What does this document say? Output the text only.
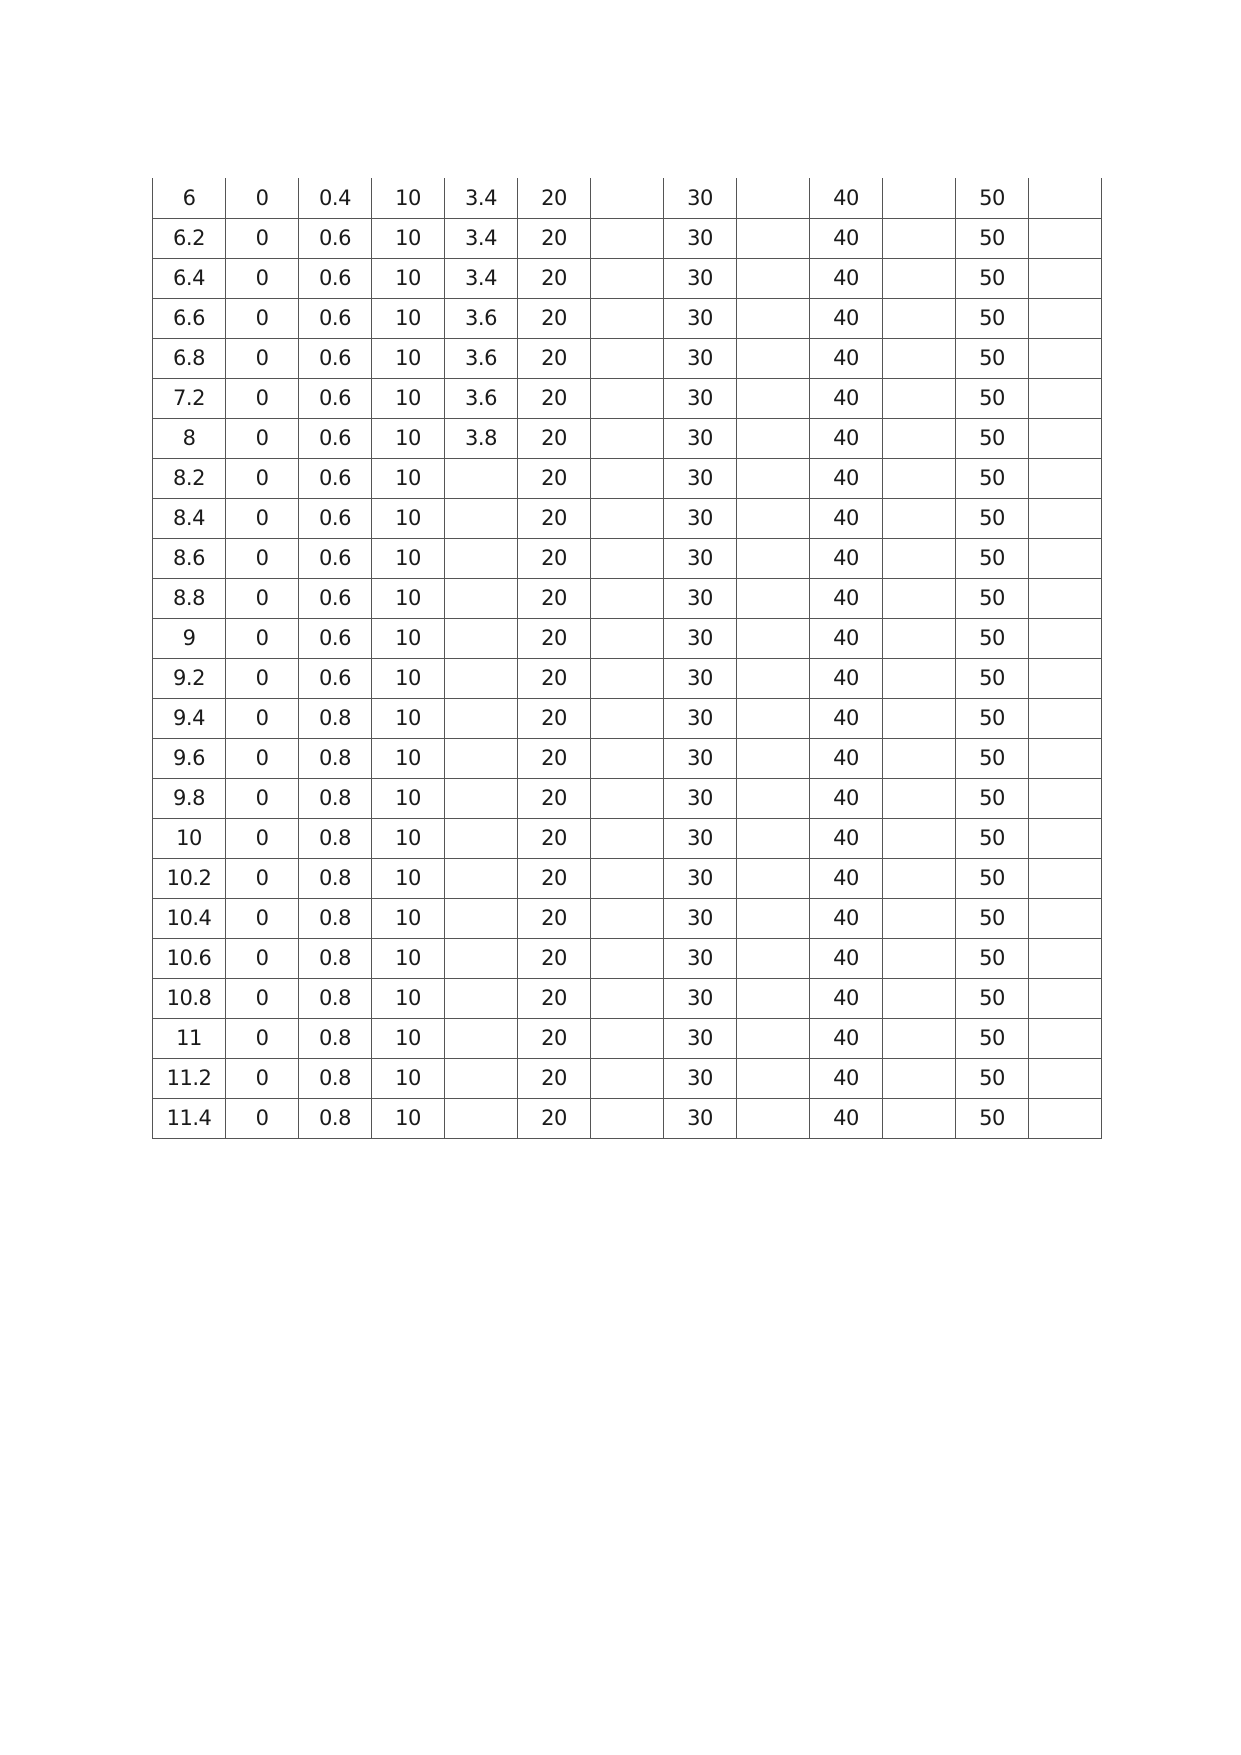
6	0	0.4	10	3.4	20		30		40		50	
6.2	0	0.6	10	3.4	20		30		40		50	
6.4	0	0.6	10	3.4	20		30		40		50	
6.6	0	0.6	10	3.6	20		30		40		50	
6.8	0	0.6	10	3.6	20		30		40		50	
7.2	0	0.6	10	3.6	20		30		40		50	
8	0	0.6	10	3.8	20		30		40		50	
8.2	0	0.6	10		20		30		40		50	
8.4	0	0.6	10		20		30		40		50	
8.6	0	0.6	10		20		30		40		50	
8.8	0	0.6	10		20		30		40		50	
9	0	0.6	10		20		30		40		50	
9.2	0	0.6	10		20		30		40		50	
9.4	0	0.8	10		20		30		40		50	
9.6	0	0.8	10		20		30		40		50	
9.8	0	0.8	10		20		30		40		50	
10	0	0.8	10		20		30		40		50	
10.2	0	0.8	10		20		30		40		50	
10.4	0	0.8	10		20		30		40		50	
10.6	0	0.8	10		20		30		40		50	
10.8	0	0.8	10		20		30		40		50	
11	0	0.8	10		20		30		40		50	
11.2	0	0.8	10		20		30		40		50	
11.4	0	0.8	10		20		30		40		50	
